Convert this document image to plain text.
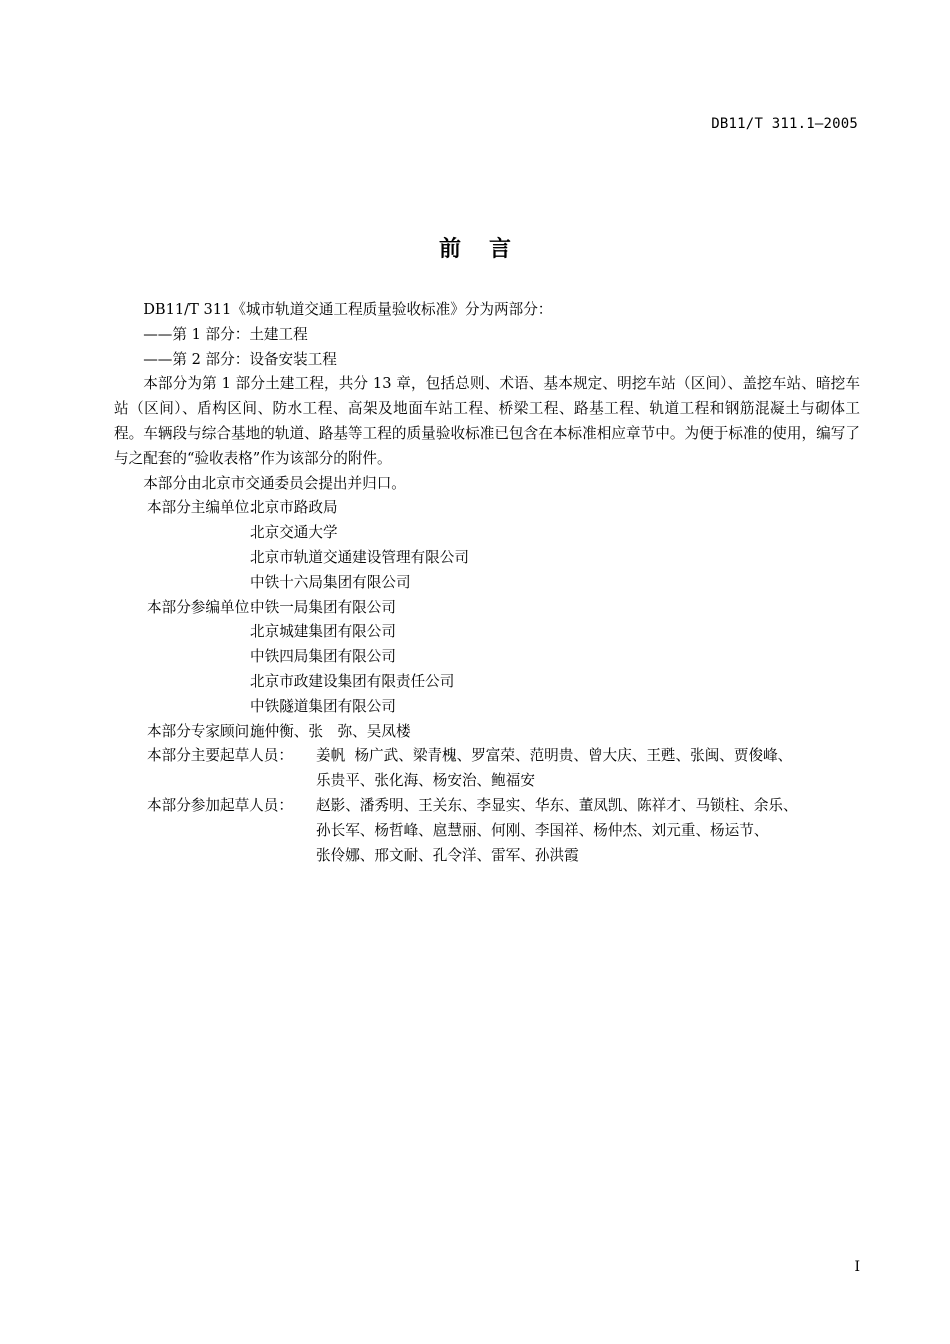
DB11/T 311.1—2005
前 言

DB11/T 311《城市轨道交通工程质量验收标准》分为两部分：

——第 1 部分：土建工程

——第 2 部分：设备安装工程

本部分为第 1 部分土建工程，共分 13 章，包括总则、术语、基本规定、明挖车站（区间）、盖挖车站、暗挖车站（区间）、盾构区间、防水工程、高架及地面车站工程、桥梁工程、路基工程、轨道工程和钢筋混凝土与砌体工程。车辆段与综合基地的轨道、路基等工程的质量验收标准已包含在本标准相应章节中。为便于标准的使用，编写了与之配套的“验收表格”作为该部分的附件。

本部分由北京市交通委员会提出并归口。

本部分主编单位：
北京市路政局
北京交通大学
北京市轨道交通建设管理有限公司
中铁十六局集团有限公司
本部分参编单位：
中铁一局集团有限公司
北京城建集团有限公司
中铁四局集团有限公司
北京市政建设集团有限责任公司
中铁隧道集团有限公司
本部分专家顾问：
施仲衡、张　弥、吴凤楼
本部分主要起草人员：	姜帆  杨广武、梁青槐、罗富荣、范明贵、曾大庆、王甦、张闽、贾俊峰、
乐贵平、张化海、杨安治、鲍福安
本部分参加起草人员：	赵影、潘秀明、王关东、李显实、华东、董凤凯、陈祥才、马锁柱、余乐、
孙长军、杨哲峰、扈慧丽、何刚、李国祥、杨仲杰、刘元重、杨运节、
张伶娜、邢文耐、孔令洋、雷军、孙洪霞
I
